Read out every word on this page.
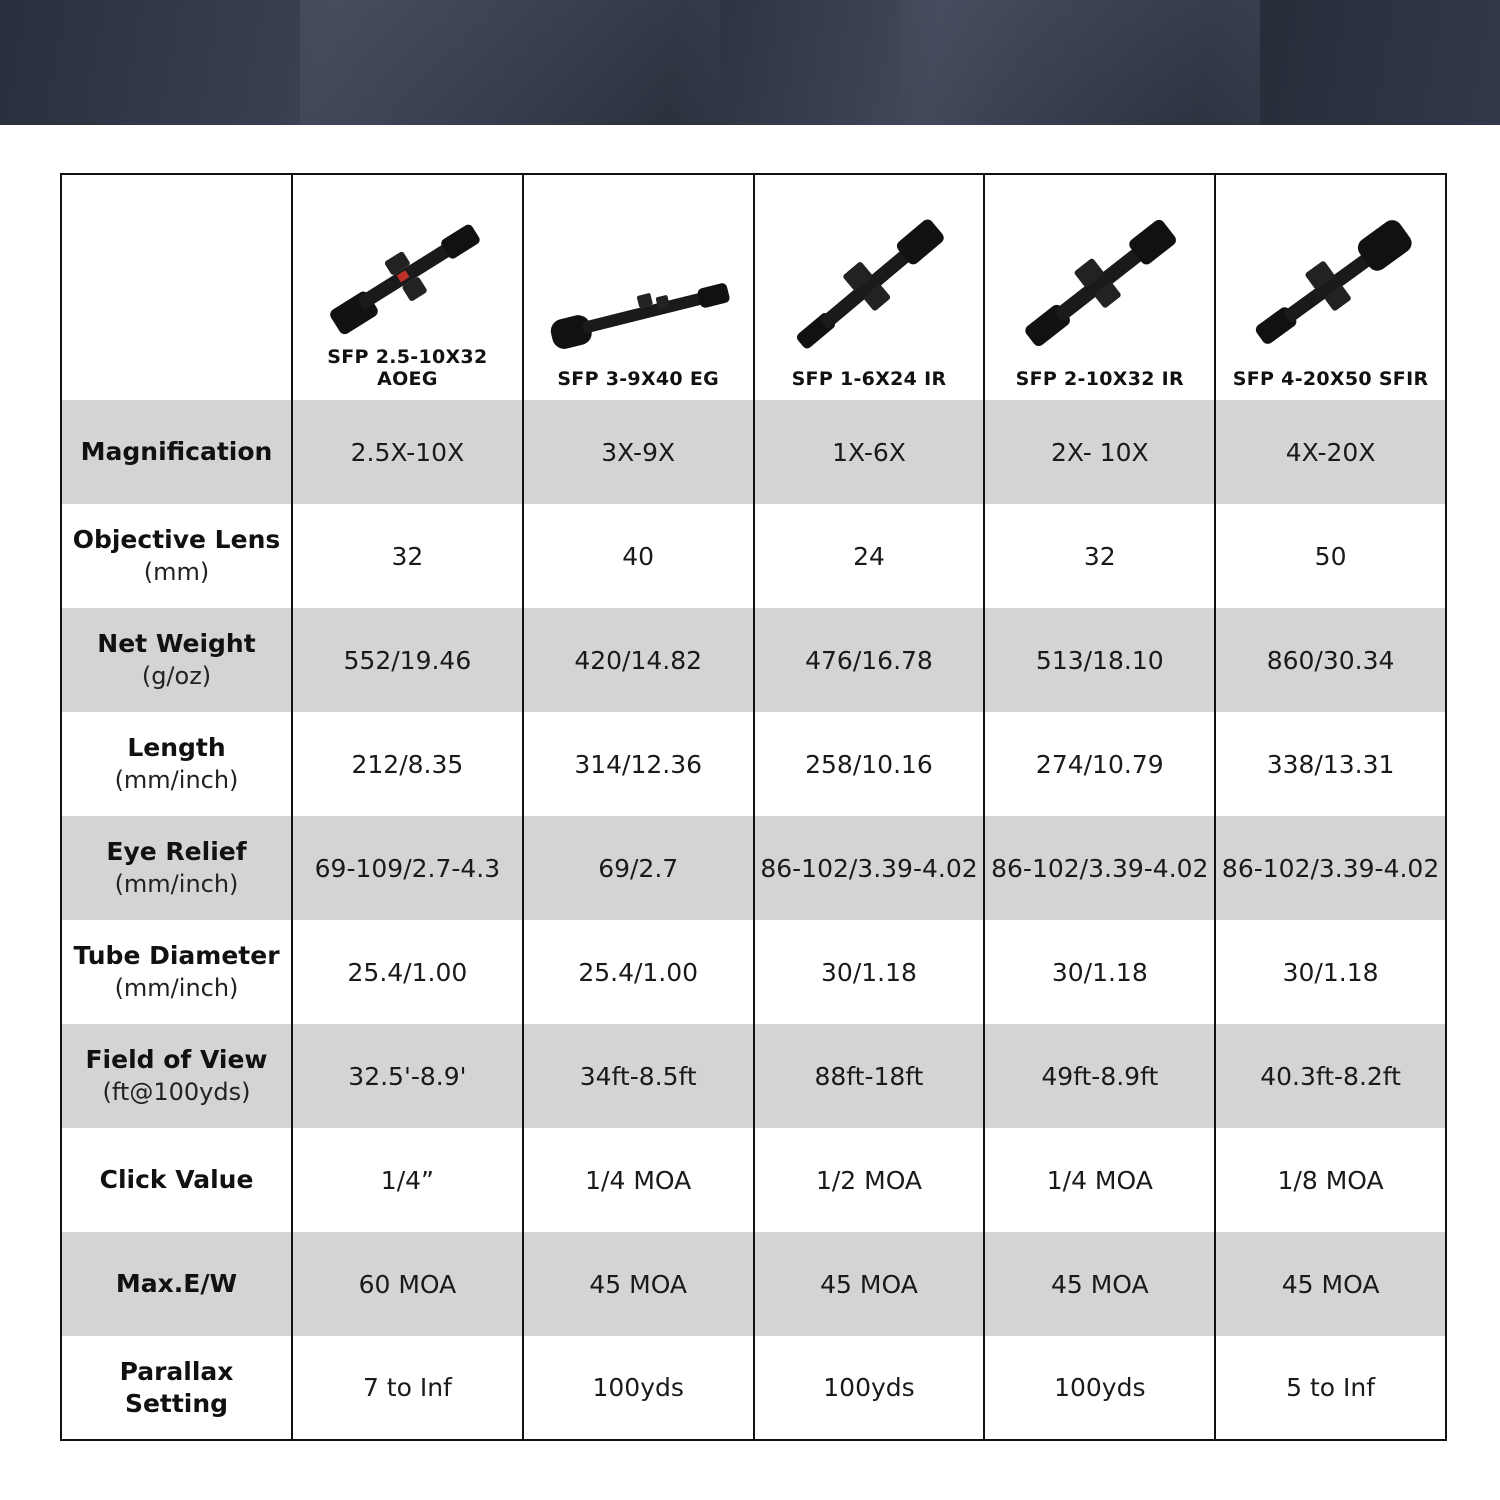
	SFP 2.5-10X32 AOEG	SFP 3-9X40 EG	SFP 1-6X24 IR	SFP 2-10X32 IR	SFP 4-20X50 SFIR

Magnification	2.5X-10X	3X-9X	1X-6X	2X- 10X	4X-20X
Objective Lens
(mm)	32	40	24	32	50
Net Weight
(g/oz)	552/19.46	420/14.82	476/16.78	513/18.10	860/30.34
Length
(mm/inch)	212/8.35	314/12.36	258/10.16	274/10.79	338/13.31
Eye Relief
(mm/inch)	69-109/2.7-4.3	69/2.7	86-102/3.39-4.02	86-102/3.39-4.02	86-102/3.39-4.02
Tube Diameter
(mm/inch)	25.4/1.00	25.4/1.00	30/1.18	30/1.18	30/1.18
Field of View
(ft@100yds)	32.5'-8.9'	34ft-8.5ft	88ft-18ft	49ft-8.9ft	40.3ft-8.2ft
Click Value	1/4”	1/4 MOA	1/2 MOA	1/4 MOA	1/8 MOA
Max.E/W	60 MOA	45 MOA	45 MOA	45 MOA	45 MOA
Parallax Setting	7 to Inf	100yds	100yds	100yds	5 to Inf
